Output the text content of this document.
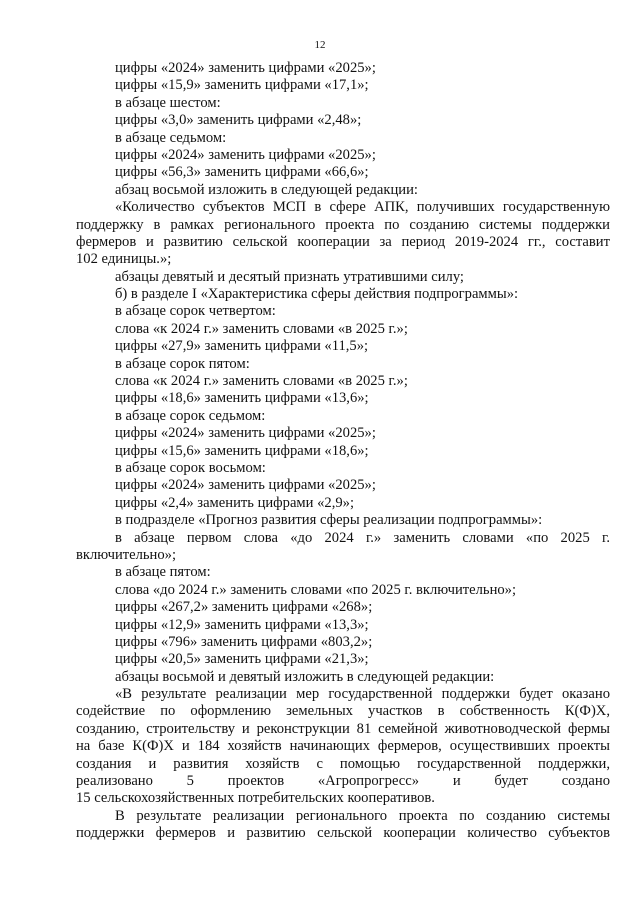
12
цифры «2024» заменить цифрами «2025»;
цифры «15,9» заменить цифрами «17,1»;
в абзаце шестом:
цифры «3,0» заменить цифрами «2,48»;
в абзаце седьмом:
цифры «2024» заменить цифрами «2025»;
цифры «56,3» заменить цифрами «66,6»;
абзац восьмой изложить в следующей редакции:
«Количество субъектов МСП в сфере АПК, получивших государственную
поддержку в рамках регионального проекта по созданию системы поддержки
фермеров и развитию сельской кооперации за период 2019-2024 гг., составит
102 единицы.»;
абзацы девятый и десятый признать утратившими силу;
б) в разделе I «Характеристика сферы действия подпрограммы»:
в абзаце сорок четвертом:
слова «к 2024 г.» заменить словами «в 2025 г.»;
цифры «27,9» заменить цифрами «11,5»;
в абзаце сорок пятом:
слова «к 2024 г.» заменить словами «в 2025 г.»;
цифры «18,6» заменить цифрами «13,6»;
в абзаце сорок седьмом:
цифры «2024» заменить цифрами «2025»;
цифры «15,6» заменить цифрами «18,6»;
в абзаце сорок восьмом:
цифры «2024» заменить цифрами «2025»;
цифры «2,4» заменить цифрами «2,9»;
в подразделе «Прогноз развития сферы реализации подпрограммы»:
в абзаце первом слова «до 2024 г.» заменить словами «по 2025 г.
включительно»;
в абзаце пятом:
слова «до 2024 г.» заменить словами «по 2025 г. включительно»;
цифры «267,2» заменить цифрами «268»;
цифры «12,9» заменить цифрами «13,3»;
цифры «796» заменить цифрами «803,2»;
цифры «20,5» заменить цифрами «21,3»;
абзацы восьмой и девятый изложить в следующей редакции:
«В результате реализации мер государственной поддержки будет оказано
содействие по оформлению земельных участков в собственность К(Ф)Х,
созданию, строительству и реконструкции 81 семейной животноводческой фермы
на базе К(Ф)Х и 184 хозяйств начинающих фермеров, осуществивших проекты
создания и развития хозяйств с помощью государственной поддержки,
реализовано 5 проектов «Агропрогресс» и будет создано
15 сельскохозяйственных потребительских кооперативов.
В результате реализации регионального проекта по созданию системы
поддержки фермеров и развитию сельской кооперации количество субъектов
